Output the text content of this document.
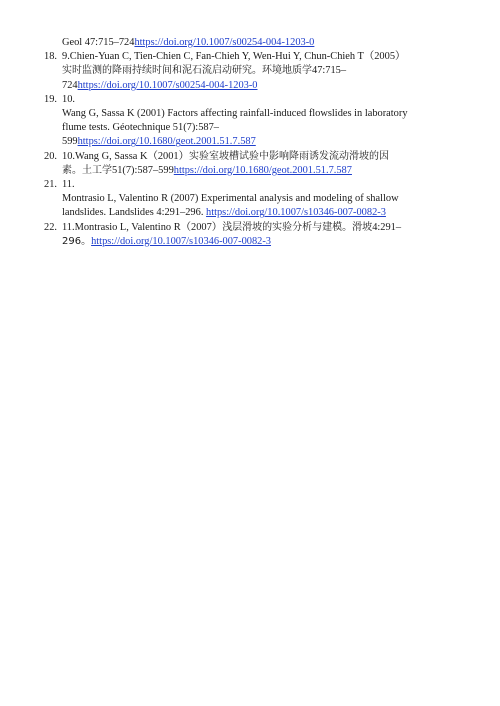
Geol 47:715–724https://doi.org/10.1007/s00254-004-1203-0
18. 9.Chien-Yuan C, Tien-Chien C, Fan-Chieh Y, Wen-Hui Y, Chun-Chieh T（2005）
实时监测的降雨持续时间和泥石流启动研究。环境地质学47:715–
724https://doi.org/10.1007/s00254-004-1203-0
19. 10.
Wang G, Sassa K (2001) Factors affecting rainfall-induced flowslides in laboratory
flume tests. Géotechnique 51(7):587–
599https://doi.org/10.1680/geot.2001.51.7.587
20. 10.Wang G, Sassa K（2001）实验室坡槽试验中影响降雨诱发流动滑坡的因
素。土工学51(7):587–599https://doi.org/10.1680/geot.2001.51.7.587
21. 11.
Montrasio L, Valentino R (2007) Experimental analysis and modeling of shallow
landslides. Landslides 4:291–296. https://doi.org/10.1007/s10346-007-0082-3
22. 11.Montrasio L, Valentino R（2007）浅层滑坡的实验分析与建模。滑坡4:291–
296。https://doi.org/10.1007/s10346-007-0082-3
